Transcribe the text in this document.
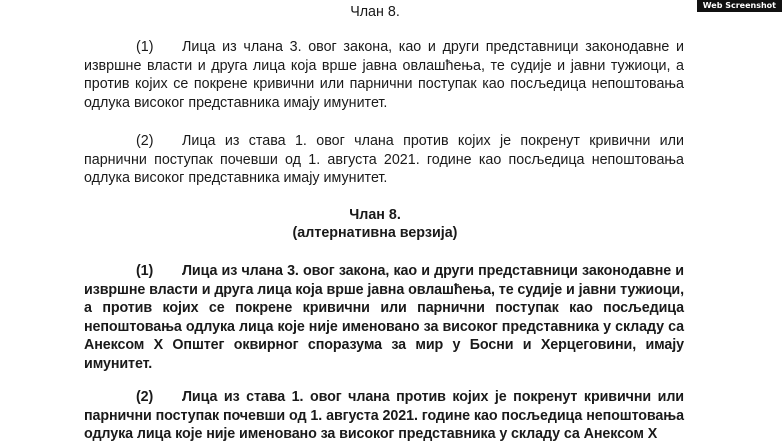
Web Screenshot
Члан 8.
(1) Лица из члана 3. овог закона, као и други представници законодавне и извршне власти и друга лица која врше јавна овлашћења, те судије и јавни тужиоци, а против којих се покрене кривични или парнични поступак као посљедица непоштовања одлука високог представника имају имунитет.
(2) Лица из става 1. овог члана против којих је покренут кривични или парнични поступак почевши од 1. августа 2021. године као посљедица непоштовања одлука високог представника имају имунитет.
Члан 8.
(алтернативна верзија)
(1) Лица из члана 3. овог закона, као и други представници законодавне и извршне власти и друга лица која врше јавна овлашћења, те судије и јавни тужиоци, а против којих се покрене кривични или парнични поступак као посљедица непоштовања одлука лица које није именовано за високог представника у складу са Анексом Х Општег оквирног споразума за мир у Босни и Херцеговини, имају имунитет.
(2) Лица из става 1. овог члана против којих је покренут кривични или парнични поступак почевши од 1. августа 2021. године као посљедица непоштовања одлука лица које није именовано за високог представника у складу са Анексом Х
